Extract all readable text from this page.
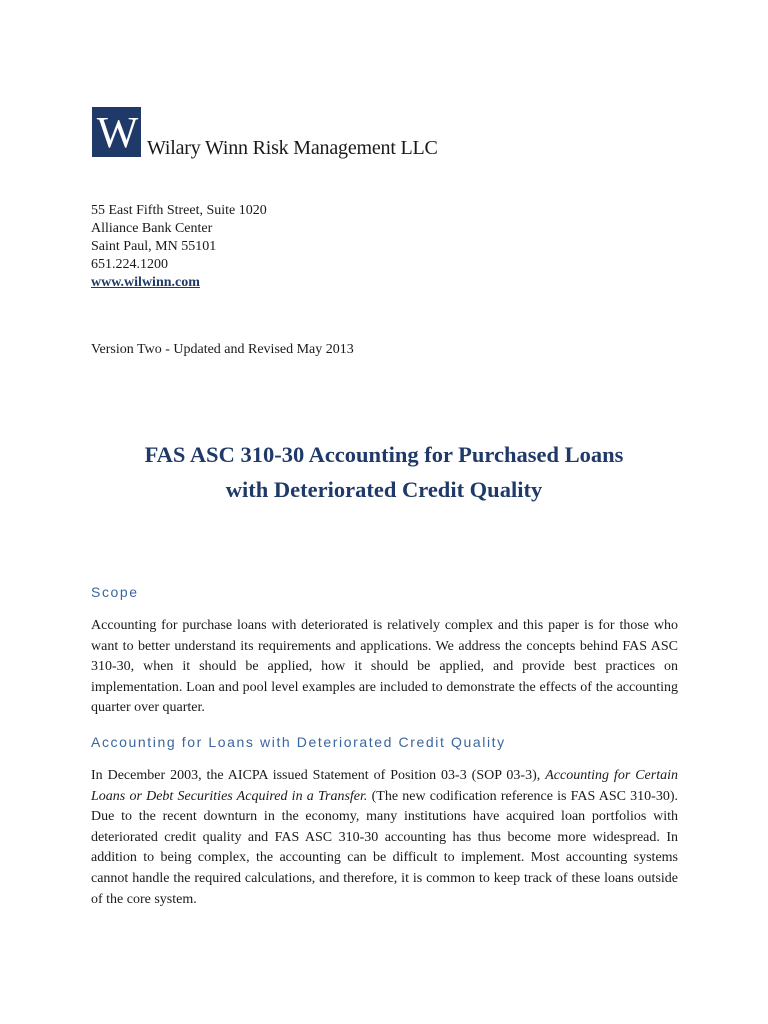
W Wilary Winn Risk Management LLC
55 East Fifth Street, Suite 1020
Alliance Bank Center
Saint Paul, MN 55101
651.224.1200
www.wilwinn.com
Version Two - Updated and Revised May 2013
FAS ASC 310-30 Accounting for Purchased Loans
with Deteriorated Credit Quality
Scope
Accounting for purchase loans with deteriorated is relatively complex and this paper is for those who want to better understand its requirements and applications. We address the concepts behind FAS ASC 310-30, when it should be applied, how it should be applied, and provide best practices on implementation. Loan and pool level examples are included to demonstrate the effects of the accounting quarter over quarter.
Accounting for Loans with Deteriorated Credit Quality
In December 2003, the AICPA issued Statement of Position 03-3 (SOP 03-3), Accounting for Certain Loans or Debt Securities Acquired in a Transfer. (The new codification reference is FAS ASC 310-30). Due to the recent downturn in the economy, many institutions have acquired loan portfolios with deteriorated credit quality and FAS ASC 310-30 accounting has thus become more widespread. In addition to being complex, the accounting can be difficult to implement. Most accounting systems cannot handle the required calculations, and therefore, it is common to keep track of these loans outside of the core system.
